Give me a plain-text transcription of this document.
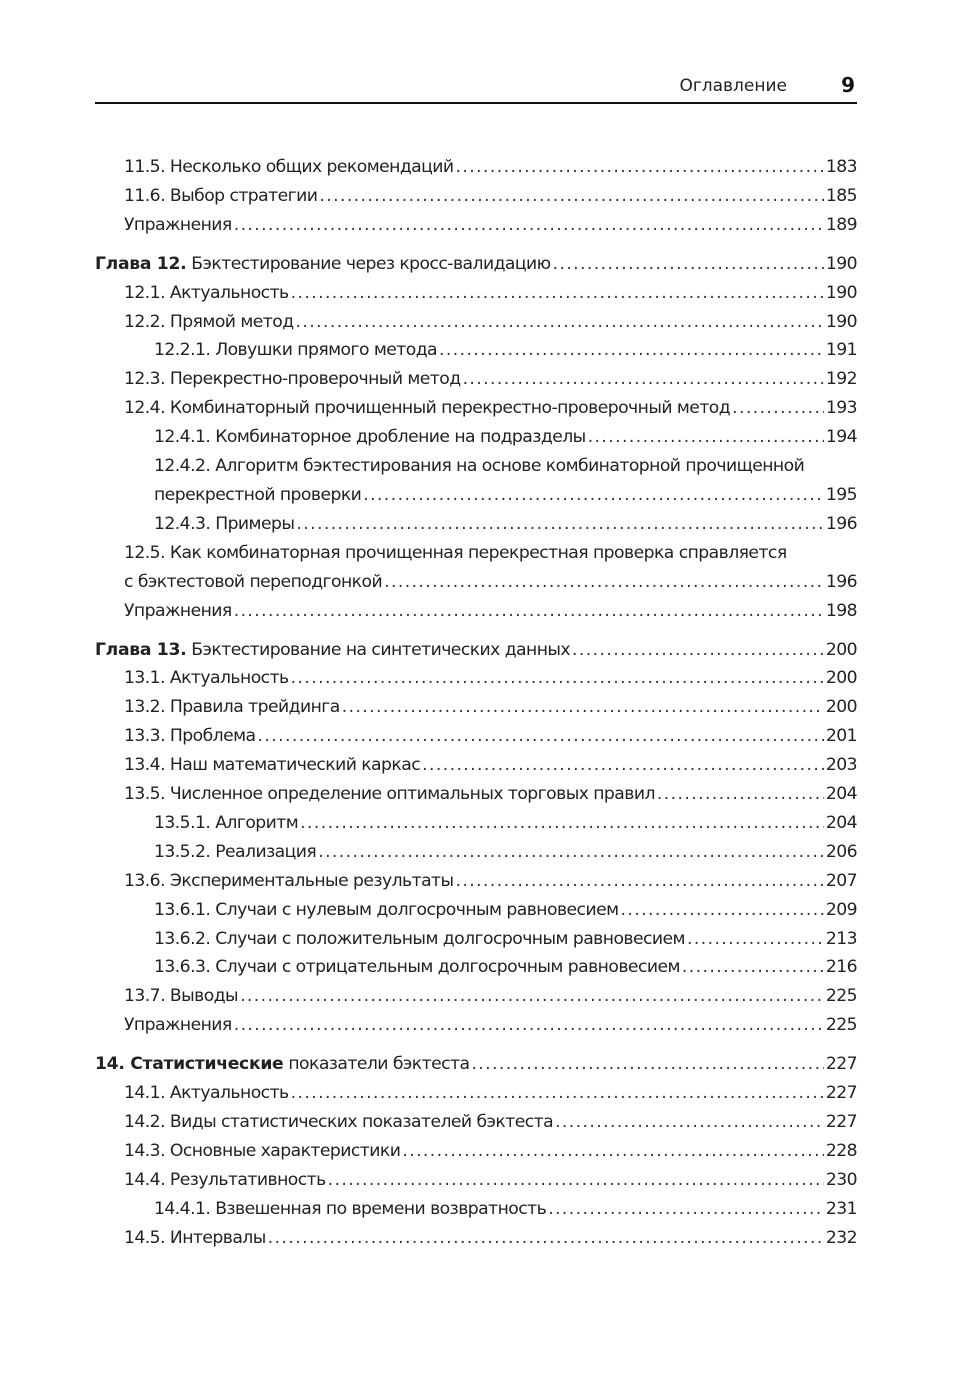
Оглавление	9
11.5. Несколько общих рекомендаций .....	183
11.6. Выбор стратегии .....	185
Упражнения .....	189
Глава 12. Бэктестирование через кросс-валидацию .....	190
12.1. Актуальность .....	190
12.2. Прямой метод .....	190
12.2.1. Ловушки прямого метода .....	191
12.3. Перекрестно-проверочный метод .....	192
12.4. Комбинаторный прочищенный перекрестно-проверочный метод .....	193
12.4.1. Комбинаторное дробление на подразделы .....	194
12.4.2. Алгоритм бэктестирования на основе комбинаторной прочищенной
перекрестной проверки .....	195
12.4.3. Примеры .....	196
12.5. Как комбинаторная прочищенная перекрестная проверка справляется
с бэктестовой переподгонкой .....	196
Упражнения .....	198
Глава 13. Бэктестирование на синтетических данных .....	200
13.1. Актуальность .....	200
13.2. Правила трейдинга .....	200
13.3. Проблема .....	201
13.4. Наш математический каркас .....	203
13.5. Численное определение оптимальных торговых правил .....	204
13.5.1. Алгоритм .....	204
13.5.2. Реализация .....	206
13.6. Экспериментальные результаты .....	207
13.6.1. Случаи с нулевым долгосрочным равновесием .....	209
13.6.2. Случаи с положительным долгосрочным равновесием .....	213
13.6.3. Случаи с отрицательным долгосрочным равновесием .....	216
13.7. Выводы .....	225
Упражнения .....	225
14. Статистические показатели бэктеста .....	227
14.1. Актуальность .....	227
14.2. Виды статистических показателей бэктеста .....	227
14.3. Основные характеристики .....	228
14.4. Результативность .....	230
14.4.1. Взвешенная по времени возвратность .....	231
14.5. Интервалы .....	232
